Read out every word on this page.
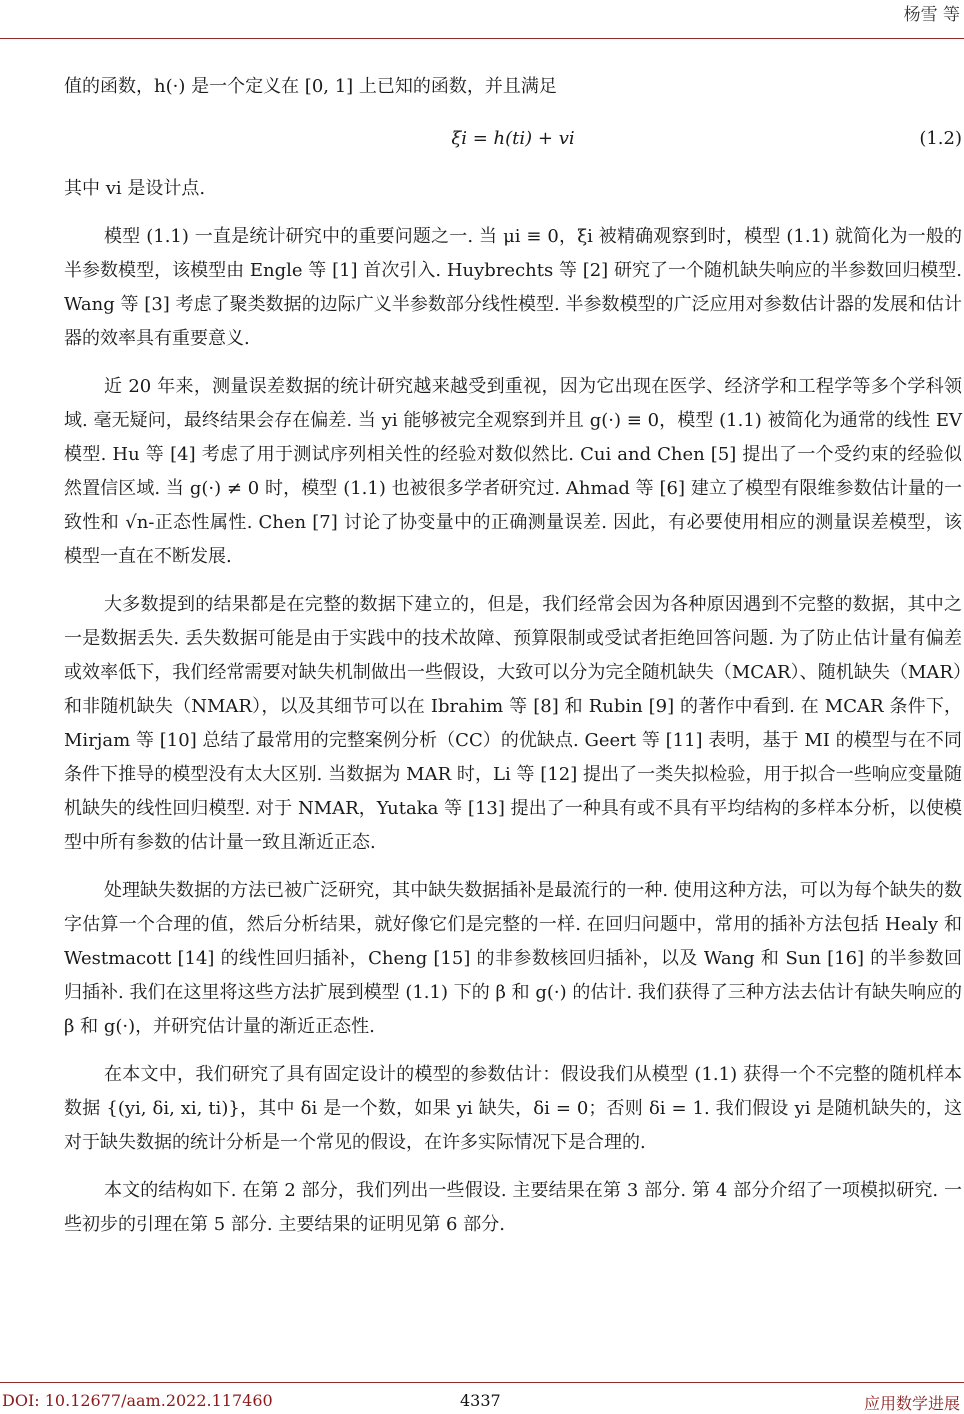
杨雪 等

值的函数，h(·) 是一个定义在 [0, 1] 上已知的函数，并且满足

ξi = h(ti) + vi	(1.2)

其中 vi 是设计点.

模型 (1.1) 一直是统计研究中的重要问题之一. 当 μi ≡ 0，ξi 被精确观察到时，模型 (1.1) 就简化为一般的半参数模型，该模型由 Engle 等 [1] 首次引入. Huybrechts 等 [2] 研究了一个随机缺失响应的半参数回归模型. Wang 等 [3] 考虑了聚类数据的边际广义半参数部分线性模型. 半参数模型的广泛应用对参数估计器的发展和估计器的效率具有重要意义.

近 20 年来，测量误差数据的统计研究越来越受到重视，因为它出现在医学、经济学和工程学等多个学科领域. 毫无疑问，最终结果会存在偏差. 当 yi 能够被完全观察到并且 g(·) ≡ 0，模型 (1.1) 被简化为通常的线性 EV 模型. Hu 等 [4] 考虑了用于测试序列相关性的经验对数似然比. Cui and Chen [5] 提出了一个受约束的经验似然置信区域. 当 g(·) ≠ 0 时，模型 (1.1) 也被很多学者研究过. Ahmad 等 [6] 建立了模型有限维参数估计量的一致性和 √n-正态性属性. Chen [7] 讨论了协变量中的正确测量误差. 因此，有必要使用相应的测量误差模型，该模型一直在不断发展.

大多数提到的结果都是在完整的数据下建立的，但是，我们经常会因为各种原因遇到不完整的数据，其中之一是数据丢失. 丢失数据可能是由于实践中的技术故障、预算限制或受试者拒绝回答问题. 为了防止估计量有偏差或效率低下，我们经常需要对缺失机制做出一些假设，大致可以分为完全随机缺失（MCAR）、随机缺失（MAR）和非随机缺失（NMAR），以及其细节可以在 Ibrahim 等 [8] 和 Rubin [9] 的著作中看到. 在 MCAR 条件下，Mirjam 等 [10] 总结了最常用的完整案例分析（CC）的优缺点. Geert 等 [11] 表明，基于 MI 的模型与在不同条件下推导的模型没有太大区别. 当数据为 MAR 时，Li 等 [12] 提出了一类失拟检验，用于拟合一些响应变量随机缺失的线性回归模型. 对于 NMAR，Yutaka 等 [13] 提出了一种具有或不具有平均结构的多样本分析，以使模型中所有参数的估计量一致且渐近正态.

处理缺失数据的方法已被广泛研究，其中缺失数据插补是最流行的一种. 使用这种方法，可以为每个缺失的数字估算一个合理的值，然后分析结果，就好像它们是完整的一样. 在回归问题中，常用的插补方法包括 Healy 和 Westmacott [14] 的线性回归插补，Cheng [15] 的非参数核回归插补，以及 Wang 和 Sun [16] 的半参数回归插补. 我们在这里将这些方法扩展到模型 (1.1) 下的 β 和 g(·) 的估计. 我们获得了三种方法去估计有缺失响应的 β 和 g(·)，并研究估计量的渐近正态性.

在本文中，我们研究了具有固定设计的模型的参数估计：假设我们从模型 (1.1) 获得一个不完整的随机样本数据 {(yi, δi, xi, ti)}，其中 δi 是一个数，如果 yi 缺失，δi = 0；否则 δi = 1. 我们假设 yi 是随机缺失的，这对于缺失数据的统计分析是一个常见的假设，在许多实际情况下是合理的.

本文的结构如下. 在第 2 部分，我们列出一些假设. 主要结果在第 3 部分. 第 4 部分介绍了一项模拟研究. 一些初步的引理在第 5 部分. 主要结果的证明见第 6 部分.

DOI: 10.12677/aam.2022.117460	4337	应用数学进展
